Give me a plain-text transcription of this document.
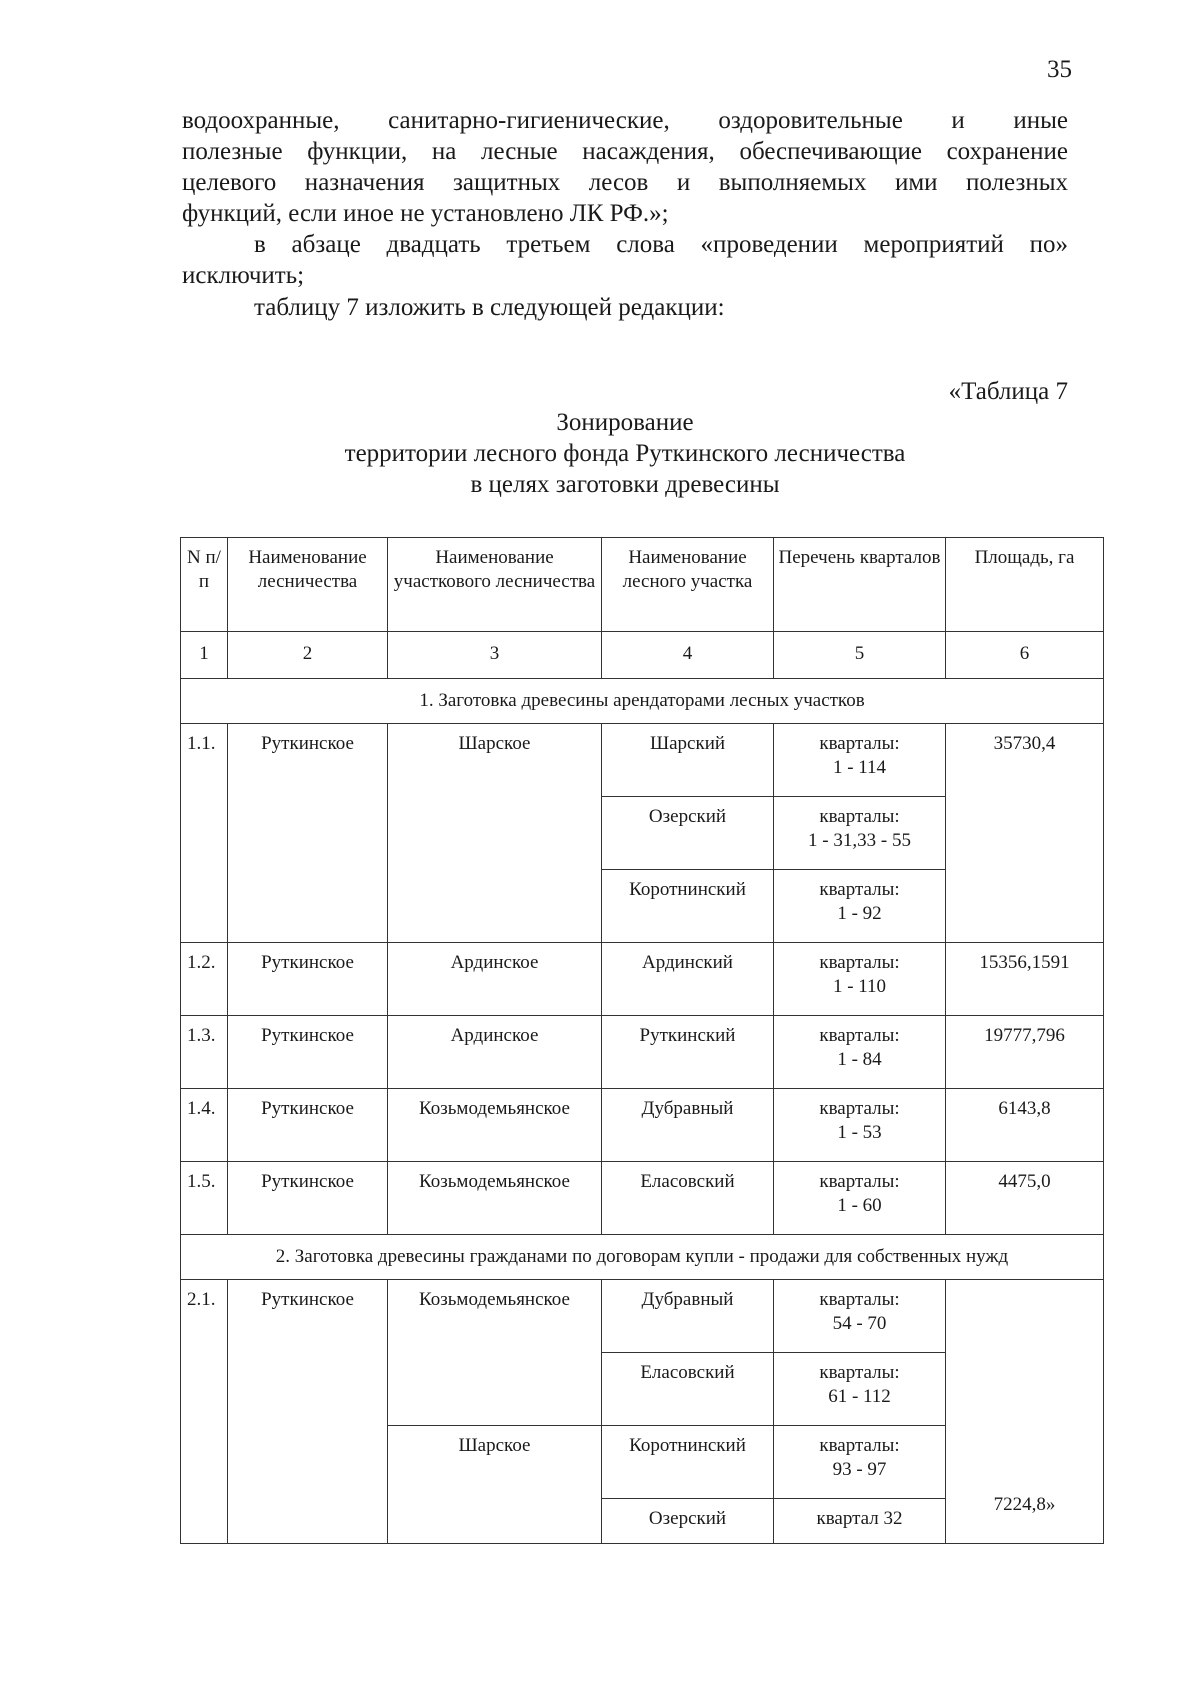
35
водоохранные, санитарно-гигиенические, оздоровительные и иные
полезные функции, на лесные насаждения, обеспечивающие сохранение
целевого назначения защитных лесов и выполняемых ими полезных
функций, если иное не установлено ЛК РФ.»;
в абзаце двадцать третьем слова «проведении мероприятий по»
исключить;
таблицу 7 изложить в следующей редакции:
«Таблица 7
Зонирование
территории лесного фонда Руткинского лесничества
в целях заготовки древесины
N п/п	Наименование лесничества	Наименование участкового лесничества	Наименование лесного участка	Перечень кварталов	Площадь, га
1	2	3	4	5	6
1. Заготовка древесины арендаторами лесных участков					
1.1.	Руткинское	Шарское	Шарский	кварталы:
1 - 114	35730,4
			Озерский	кварталы:
1 - 31,33 - 55	

			Коротнинский	кварталы:
1 - 92	

1.2.	Руткинское	Ардинское	Ардинский	кварталы:
1 - 110	15356,1591
1.3.	Руткинское	Ардинское	Руткинский	кварталы:
1 - 84	19777,796
1.4.	Руткинское	Козьмодемьянское	Дубравный	кварталы:
1 - 53	6143,8
1.5.	Руткинское	Козьмодемьянское	Еласовский	кварталы:
1 - 60	4475,0
2. Заготовка древесины гражданами по договорам купли - продажи для собственных нужд					
2.1.	Руткинское	Козьмодемьянское	Дубравный	кварталы:
54 - 70	7224,8»
			Еласовский	кварталы:
61 - 112	

		Шарское	Коротнинский	кварталы:
93 - 97	

			Озерский	квартал 32	
